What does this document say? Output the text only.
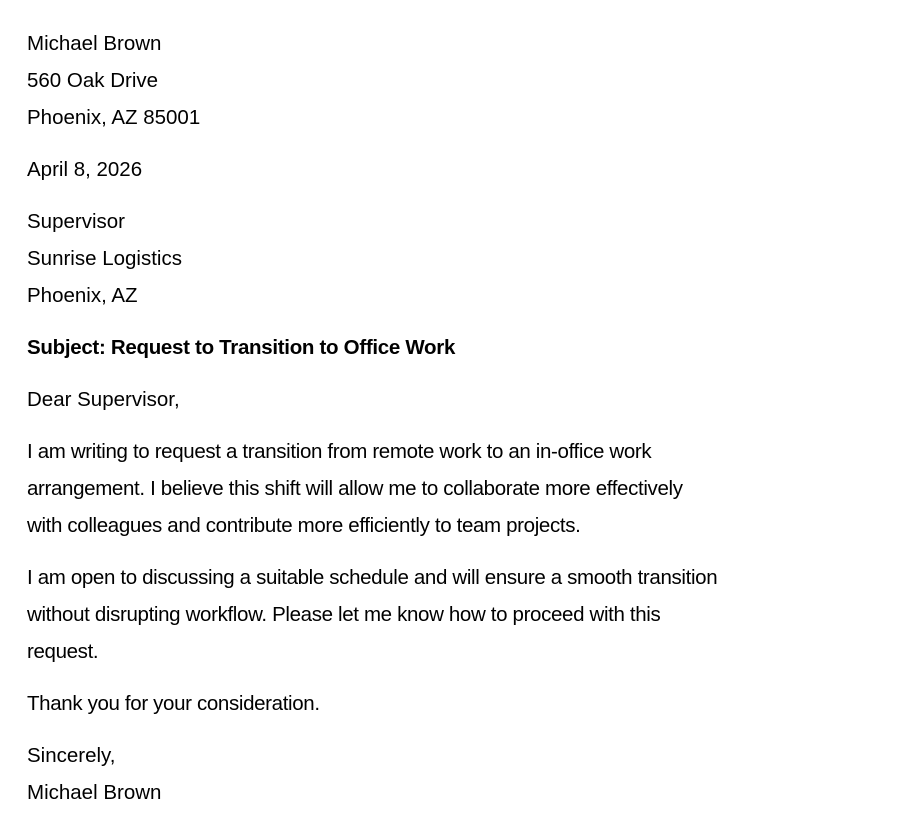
Michael Brown
560 Oak Drive
Phoenix, AZ 85001
April 8, 2026
Supervisor
Sunrise Logistics
Phoenix, AZ
Subject: Request to Transition to Office Work
Dear Supervisor,
I am writing to request a transition from remote work to an in-office work
arrangement. I believe this shift will allow me to collaborate more effectively
with colleagues and contribute more efficiently to team projects.
I am open to discussing a suitable schedule and will ensure a smooth transition
without disrupting workflow. Please let me know how to proceed with this
request.
Thank you for your consideration.
Sincerely,
Michael Brown
